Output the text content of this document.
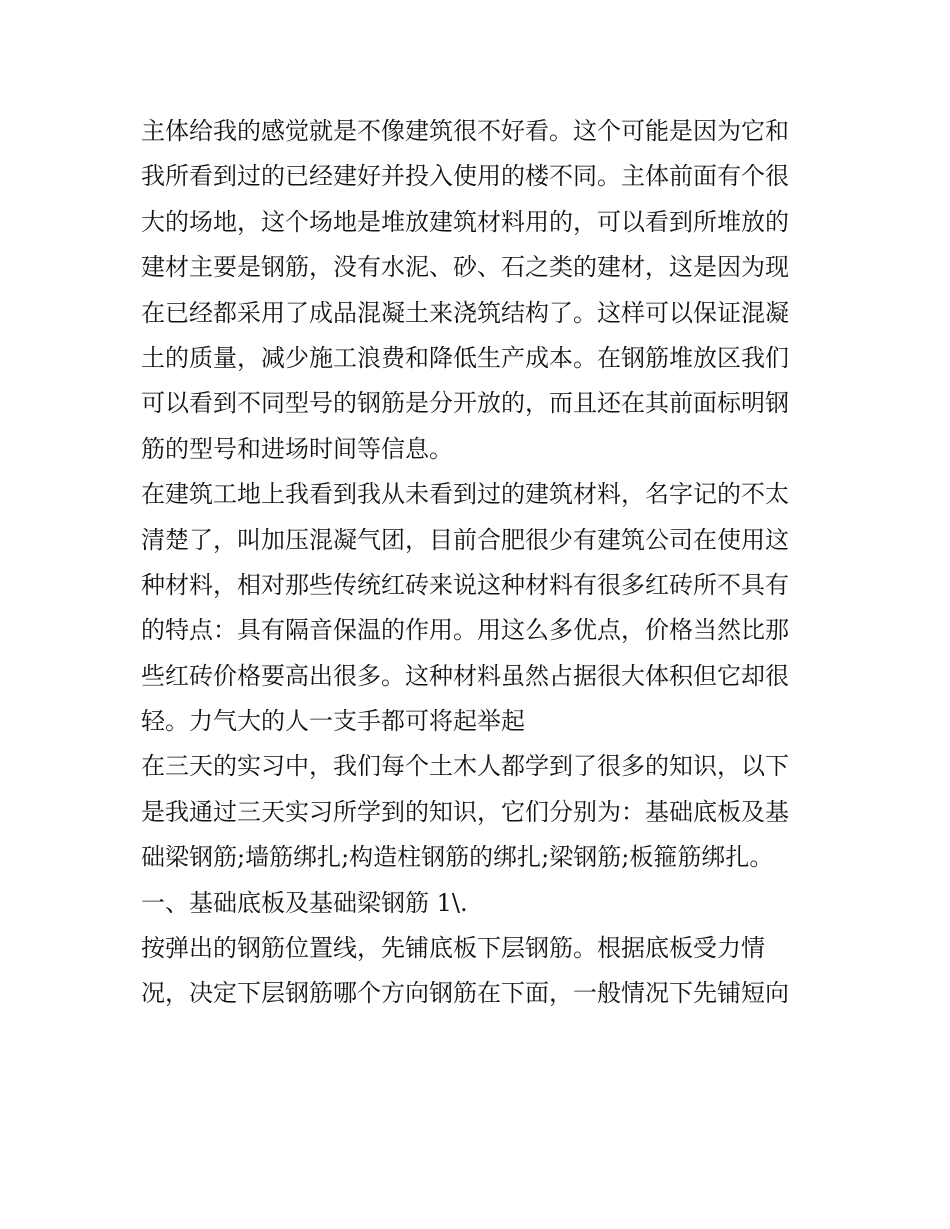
主体给我的感觉就是不像建筑很不好看。这个可能是因为它和
我所看到过的已经建好并投入使用的楼不同。主体前面有个很
大的场地，这个场地是堆放建筑材料用的，可以看到所堆放的
建材主要是钢筋，没有水泥、砂、石之类的建材，这是因为现
在已经都采用了成品混凝土来浇筑结构了。这样可以保证混凝
土的质量，减少施工浪费和降低生产成本。在钢筋堆放区我们
可以看到不同型号的钢筋是分开放的，而且还在其前面标明钢
筋的型号和进场时间等信息。
在建筑工地上我看到我从未看到过的建筑材料，名字记的不太
清楚了，叫加压混凝气团，目前合肥很少有建筑公司在使用这
种材料，相对那些传统红砖来说这种材料有很多红砖所不具有
的特点：具有隔音保温的作用。用这么多优点，价格当然比那
些红砖价格要高出很多。这种材料虽然占据很大体积但它却很
轻。力气大的人一支手都可将起举起
在三天的实习中，我们每个土木人都学到了很多的知识，以下
是我通过三天实习所学到的知识，它们分别为：基础底板及基
础梁钢筋;墙筋绑扎;构造柱钢筋的绑扎;梁钢筋;板箍筋绑扎。
一、基础底板及基础梁钢筋 1\.
按弹出的钢筋位置线，先铺底板下层钢筋。根据底板受力情
况，决定下层钢筋哪个方向钢筋在下面，一般情况下先铺短向
